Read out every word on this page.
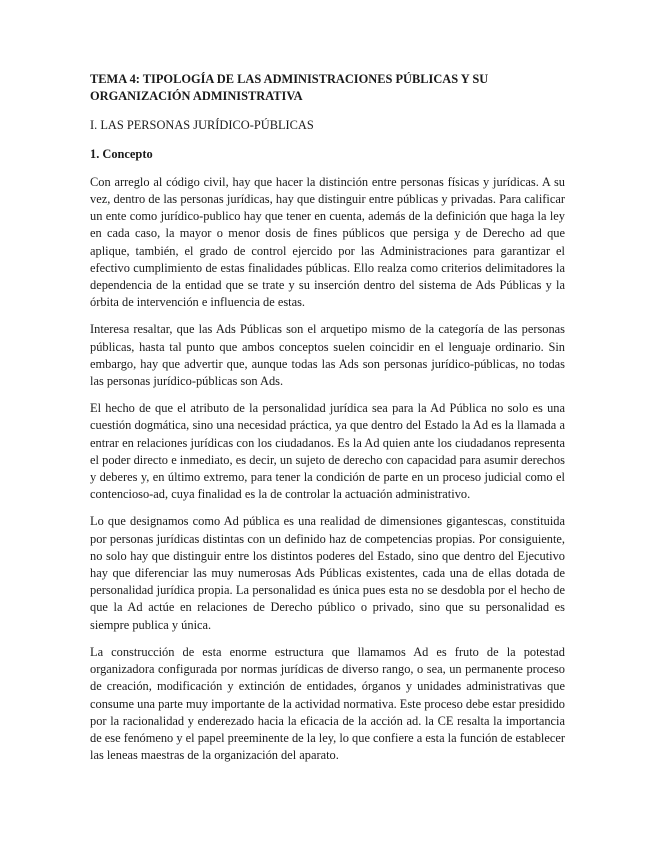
TEMA 4: TIPOLOGÍA DE LAS ADMINISTRACIONES PÚBLICAS Y SU ORGANIZACIÓN ADMINISTRATIVA
I. LAS PERSONAS JURÍDICO-PÚBLICAS
1. Concepto

Con arreglo al código civil, hay que hacer la distinción entre personas físicas y jurídicas. A su vez, dentro de las personas jurídicas, hay que distinguir entre públicas y privadas. Para calificar un ente como jurídico-publico hay que tener en cuenta, además de la definición que haga la ley en cada caso, la mayor o menor dosis de fines públicos que persiga y de Derecho ad que aplique, también, el grado de control ejercido por las Administraciones para garantizar el efectivo cumplimiento de estas finalidades públicas. Ello realza como criterios delimitadores la dependencia de la entidad que se trate y su inserción dentro del sistema de Ads Públicas y la órbita de intervención e influencia de estas.

Interesa resaltar, que las Ads Públicas son el arquetipo mismo de la categoría de las personas públicas, hasta tal punto que ambos conceptos suelen coincidir en el lenguaje ordinario. Sin embargo, hay que advertir que, aunque todas las Ads son personas jurídico-públicas, no todas las personas jurídico-públicas son Ads.

El hecho de que el atributo de la personalidad jurídica sea para la Ad Pública no solo es una cuestión dogmática, sino una necesidad práctica, ya que dentro del Estado la Ad es la llamada a entrar en relaciones jurídicas con los ciudadanos. Es la Ad quien ante los ciudadanos representa el poder directo e inmediato, es decir, un sujeto de derecho con capacidad para asumir derechos y deberes y, en último extremo, para tener la condición de parte en un proceso judicial como el contencioso-ad, cuya finalidad es la de controlar la actuación administrativo.

Lo que designamos como Ad pública es una realidad de dimensiones gigantescas, constituida por personas jurídicas distintas con un definido haz de competencias propias. Por consiguiente, no solo hay que distinguir entre los distintos poderes del Estado, sino que dentro del Ejecutivo hay que diferenciar las muy numerosas Ads Públicas existentes, cada una de ellas dotada de personalidad jurídica propia. La personalidad es única pues esta no se desdobla por el hecho de que la Ad actúe en relaciones de Derecho público o privado, sino que su personalidad es siempre publica y única.

La construcción de esta enorme estructura que llamamos Ad es fruto de la potestad organizadora configurada por normas jurídicas de diverso rango, o sea, un permanente proceso de creación, modificación y extinción de entidades, órganos y unidades administrativas que consume una parte muy importante de la actividad normativa. Este proceso debe estar presidido por la racionalidad y enderezado hacia la eficacia de la acción ad. la CE resalta la importancia de ese fenómeno y el papel preeminente de la ley, lo que confiere a esta la función de establecer las leneas maestras de la organización del aparato.
